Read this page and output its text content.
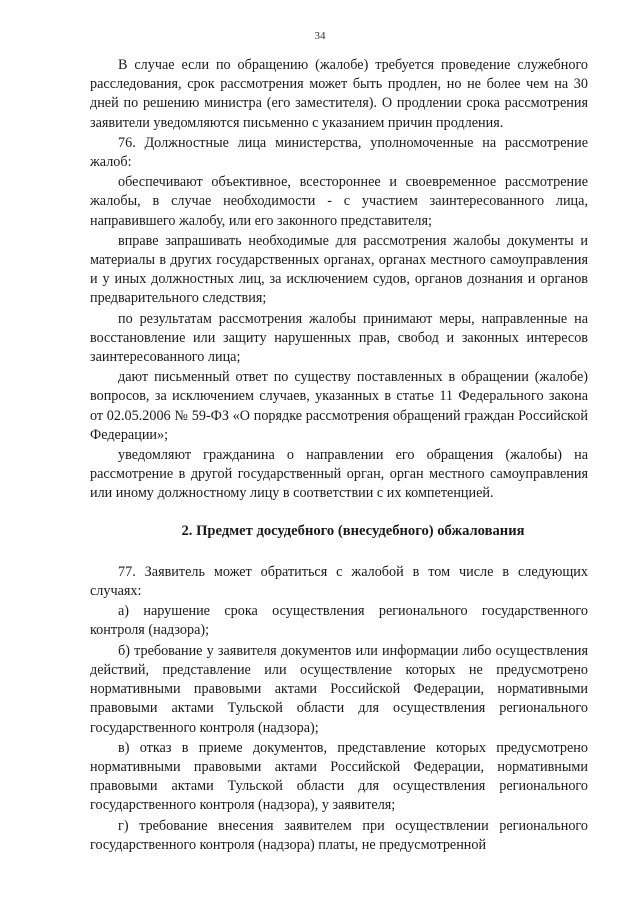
34

В случае если по обращению (жалобе) требуется проведение служебного расследования, срок рассмотрения может быть продлен, но не более чем на 30 дней по решению министра (его заместителя). О продлении срока рассмотрения заявители уведомляются письменно с указанием причин продления.

76. Должностные лица министерства, уполномоченные на рассмотрение жалоб:

обеспечивают объективное, всестороннее и своевременное рассмотрение жалобы, в случае необходимости - с участием заинтересованного лица, направившего жалобу, или его законного представителя;

вправе запрашивать необходимые для рассмотрения жалобы документы и материалы в других государственных органах, органах местного самоуправления и у иных должностных лиц, за исключением судов, органов дознания и органов предварительного следствия;

по результатам рассмотрения жалобы принимают меры, направленные на восстановление или защиту нарушенных прав, свобод и законных интересов заинтересованного лица;

дают письменный ответ по существу поставленных в обращении (жалобе) вопросов, за исключением случаев, указанных в статье 11 Федерального закона от 02.05.2006 № 59-ФЗ «О порядке рассмотрения обращений граждан Российской Федерации»;

уведомляют гражданина о направлении его обращения (жалобы) на рассмотрение в другой государственный орган, орган местного самоуправления или иному должностному лицу в соответствии с их компетенцией.

2. Предмет досудебного (внесудебного) обжалования

77. Заявитель может обратиться с жалобой в том числе в следующих случаях:

а) нарушение срока осуществления регионального государственного контроля (надзора);

б) требование у заявителя документов или информации либо осуществления действий, представление или осуществление которых не предусмотрено нормативными правовыми актами Российской Федерации, нормативными правовыми актами Тульской области для осуществления регионального государственного контроля (надзора);

в) отказ в приеме документов, представление которых предусмотрено нормативными правовыми актами Российской Федерации, нормативными правовыми актами Тульской области для осуществления регионального государственного контроля (надзора), у заявителя;

г) требование внесения заявителем при осуществлении регионального государственного контроля (надзора) платы, не предусмотренной
